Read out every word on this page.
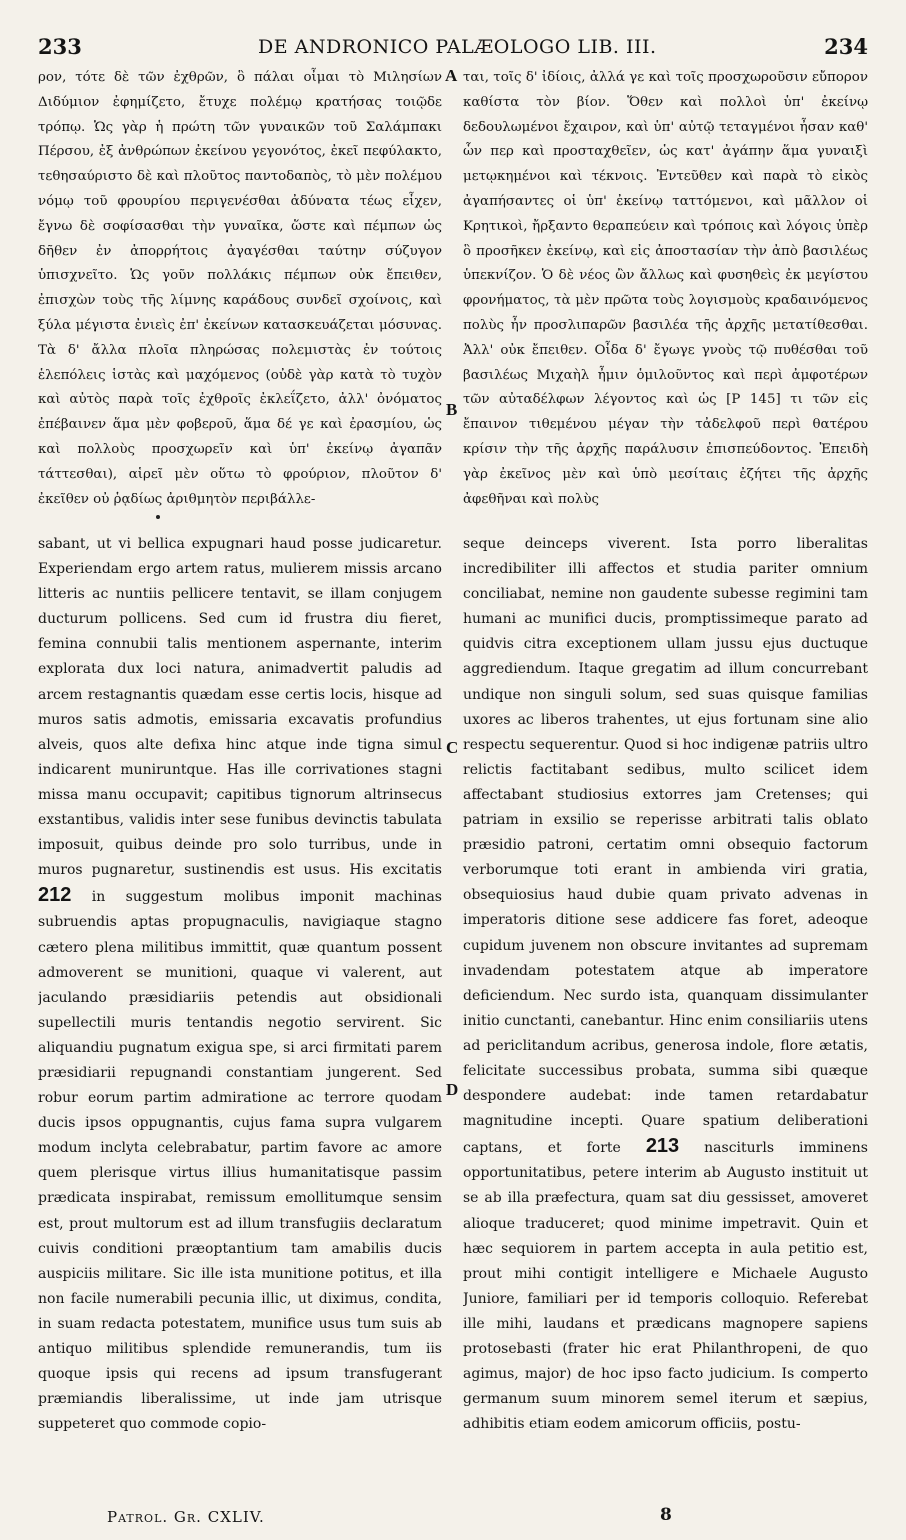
233	DE ANDRONICO PALÆOLOGO LIB. III.	234

ρον, τότε δὲ τῶν ἐχθρῶν, ὃ πάλαι οἶμαι τὸ Μιλησίων Διδύμιον ἐφημίζετο, ἔτυχε πολέμῳ κρατήσας τοιῷδε τρόπῳ. Ὡς γὰρ ἡ πρώτη τῶν γυναικῶν τοῦ Σαλάμπακι Πέρσου, ἐξ ἀνθρώπων ἐκείνου γεγονότος, ἐκεῖ πεφύλακτο, τεθησαύριστο δὲ καὶ πλοῦτος παντοδαπὸς, τὸ μὲν πολέμου νόμῳ τοῦ φρουρίου περιγενέσθαι ἀδύνατα τέως εἶχεν, ἔγνω δὲ σοφίσασθαι τὴν γυναῖκα, ὥστε καὶ πέμπων ὡς δῆθεν ἐν ἀπορρήτοις ἀγαγέσθαι ταύτην σύζυγον ὑπισχνεῖτο. Ὡς γοῦν πολλάκις πέμπων οὐκ ἔπειθεν, ἐπισχὼν τοὺς τῆς λίμνης καράδους συνδεῖ σχοίνοις, καὶ ξύλα μέγιστα ἐνιεὶς ἐπ' ἐκείνων κατασκευάζεται μόσυνας. Τὰ δ' ἄλλα πλοῖα πληρώσας πολεμιστὰς ἐν τούτοις ἑλεπόλεις ἱστὰς καὶ μαχόμενος (οὐδὲ γὰρ κατὰ τὸ τυχὸν καὶ αὐτὸς παρὰ τοῖς ἐχθροῖς ἐκλεΐζετο, ἀλλ' ὀνόματος ἐπέβαινεν ἅμα μὲν φοβεροῦ, ἅμα δέ γε καὶ ἐρασμίου, ὡς καὶ πολλοὺς προσχωρεῖν καὶ ὑπ' ἐκείνῳ ἀγαπᾶν τάττεσθαι), αἱρεῖ μὲν οὕτω τὸ φρούριον, πλοῦτον δ' ἐκεῖθεν οὐ ῥᾳδίως ἀριθμητὸν περιβάλλε-

A ται, τοῖς δ' ἰδίοις, ἀλλά γε καὶ τοῖς προσχωροῦσιν εὔπορον καθίστα τὸν βίον. Ὅθεν καὶ πολλοὶ ὑπ' ἐκείνῳ δεδουλωμένοι ἔχαιρον, καὶ ὑπ' αὐτῷ τεταγμένοι ἦσαν καθ' ὧν περ καὶ προσταχθεῖεν, ὡς κατ' ἀγάπην ἅμα γυναιξὶ μετῳκημένοι καὶ τέκνοις. Ἐντεῦθεν καὶ παρὰ τὸ εἰκὸς ἀγαπήσαντες οἱ ὑπ' ἐκείνῳ ταττόμενοι, καὶ μᾶλλον οἱ Κρητικοὶ, ἤρξαντο θεραπεύειν καὶ τρόποις καὶ λόγοις ὑπὲρ ὃ προσῆκεν ἐκείνῳ, καὶ εἰς ἀποστασίαν τὴν ἀπὸ βασιλέως ὑπεκνίζον. Ὁ δὲ νέος ὢν ἄλλως καὶ φυσηθεὶς ἐκ μεγίστου φρονήματος, τὰ μὲν πρῶτα τοὺς λογισμοὺς κραδαινόμενος πολὺς ἦν προσλιπαρῶν βασιλέα τῆς ἀρχῆς μετατίθεσθαι. Ἀλλ' οὐκ ἔπειθεν. Οἶδα δ' ἔγωγε γνοὺς τῷ πυθέσθαι τοῦ βασιλέως Μιχαὴλ ἦμιν ὁμιλοῦντος καὶ περὶ ἀμφοτέρων τῶν αὐταδέλφων λέγοντος καὶ ὡς [P 145] τι τῶν εἰς ἔπαινον τιθεμένου μέγαν τὴν τἀδελφοῦ περὶ θατέρου κρίσιν τὴν τῆς ἀρχῆς παράλυσιν ἐπισπεύδοντος. Ἐπειδὴ γὰρ ἐκεῖνος μὲν καὶ ὑπὸ μεσίταις ἐζήτει τῆς ἀρχῆς ἀφεθῆναι καὶ πολὺς

B

sabant, ut vi bellica expugnari haud posse judicaretur. Experiendam ergo artem ratus, mulierem missis arcano litteris ac nuntiis pellicere tentavit, se illam conjugem ducturum pollicens. Sed cum id frustra diu fieret, femina connubii talis mentionem aspernante, interim explorata dux loci natura, animadvertit paludis ad arcem restagnantis quædam esse certis locis, hisque ad muros satis admotis, emissaria excavatis profundius alveis, quos alte defixa hinc atque inde tigna simul indicarent muniruntque. Has ille corrivationes stagni missa manu occupavit; capitibus tignorum altrinsecus exstantibus, validis inter sese funibus devinctis tabulata imposuit, quibus deinde pro solo turribus, unde in muros pugnaretur, sustinendis est usus. His excitatis 212 in suggestum molibus imponit machinas subruendis aptas propugnaculis, navigiaque stagno cætero plena militibus immittit, quæ quantum possent admoverent se munitioni, quaque vi valerent, aut jaculando præsidiariis petendis aut obsidionali supellectili muris tentandis negotio servirent. Sic aliquandiu pugnatum exigua spe, si arci firmitati parem præsidiarii repugnandi constantiam jungerent. Sed robur eorum partim admiratione ac terrore quodam ducis ipsos oppugnantis, cujus fama supra vulgarem modum inclyta celebrabatur, partim favore ac amore quem plerisque virtus illius humanitatisque passim prædicata inspirabat, remissum emollitumque sensim est, prout multorum est ad illum transfugiis declaratum cuivis conditioni præoptantium tam amabilis ducis auspiciis militare. Sic ille ista munitione potitus, et illa non facile numerabili pecunia illic, ut diximus, condita, in suam redacta potestatem, munifice usus tum suis ab antiquo militibus splendide remunerandis, tum iis quoque ipsis qui recens ad ipsum transfugerant præmiandis liberalissime, ut inde jam utrisque suppeteret quo commode copio-

C

seque deinceps viverent. Ista porro liberalitas incredibiliter illi affectos et studia pariter omnium conciliabat, nemine non gaudente subesse regimini tam humani ac munifici ducis, promptissimeque parato ad quidvis citra exceptionem ullam jussu ejus ductuque aggrediendum. Itaque gregatim ad illum concurrebant undique non singuli solum, sed suas quisque familias uxores ac liberos trahentes, ut ejus fortunam sine alio respectu sequerentur. Quod si hoc indigenæ patriis ultro relictis factitabant sedibus, multo scilicet idem affectabant studiosius extorres jam Cretenses; qui patriam in exsilio se reperisse arbitrati talis oblato præsidio patroni, certatim omni obsequio factorum verborumque toti erant in ambienda viri gratia, obsequiosius haud dubie quam privato advenas in imperatoris ditione sese addicere fas foret, adeoque cupidum juvenem non obscure invitantes ad supremam invadendam potestatem atque ab imperatore deficiendum. Nec surdo ista, quanquam dissimulanter initio cunctanti, canebantur. Hinc enim consiliariis utens ad periclitandum acribus, generosa indole, flore ætatis, felicitate successibus probata, summa sibi quæque despondere audebat: inde tamen retardabatur magnitudine incepti. Quare spatium deliberationi captans, et forte 213 nasciturls imminens opportunitatibus, petere interim ab Augusto instituit ut se ab illa præfectura, quam sat diu gessisset, amoveret alioque traduceret; quod minime impetravit. Quin et hæc sequiorem in partem accepta in aula petitio est, prout mihi contigit intelligere e Michaele Augusto Juniore, familiari per id temporis colloquio. Referebat ille mihi, laudans et prædicans magnopere sapiens protosebasti (frater hic erat Philanthropeni, de quo agimus, major) de hoc ipso facto judicium. Is comperto germanum suum minorem semel iterum et sæpius, adhibitis etiam eodem amicorum officiis, postu-

D
Patrol. Gr. CXLIV.	8
